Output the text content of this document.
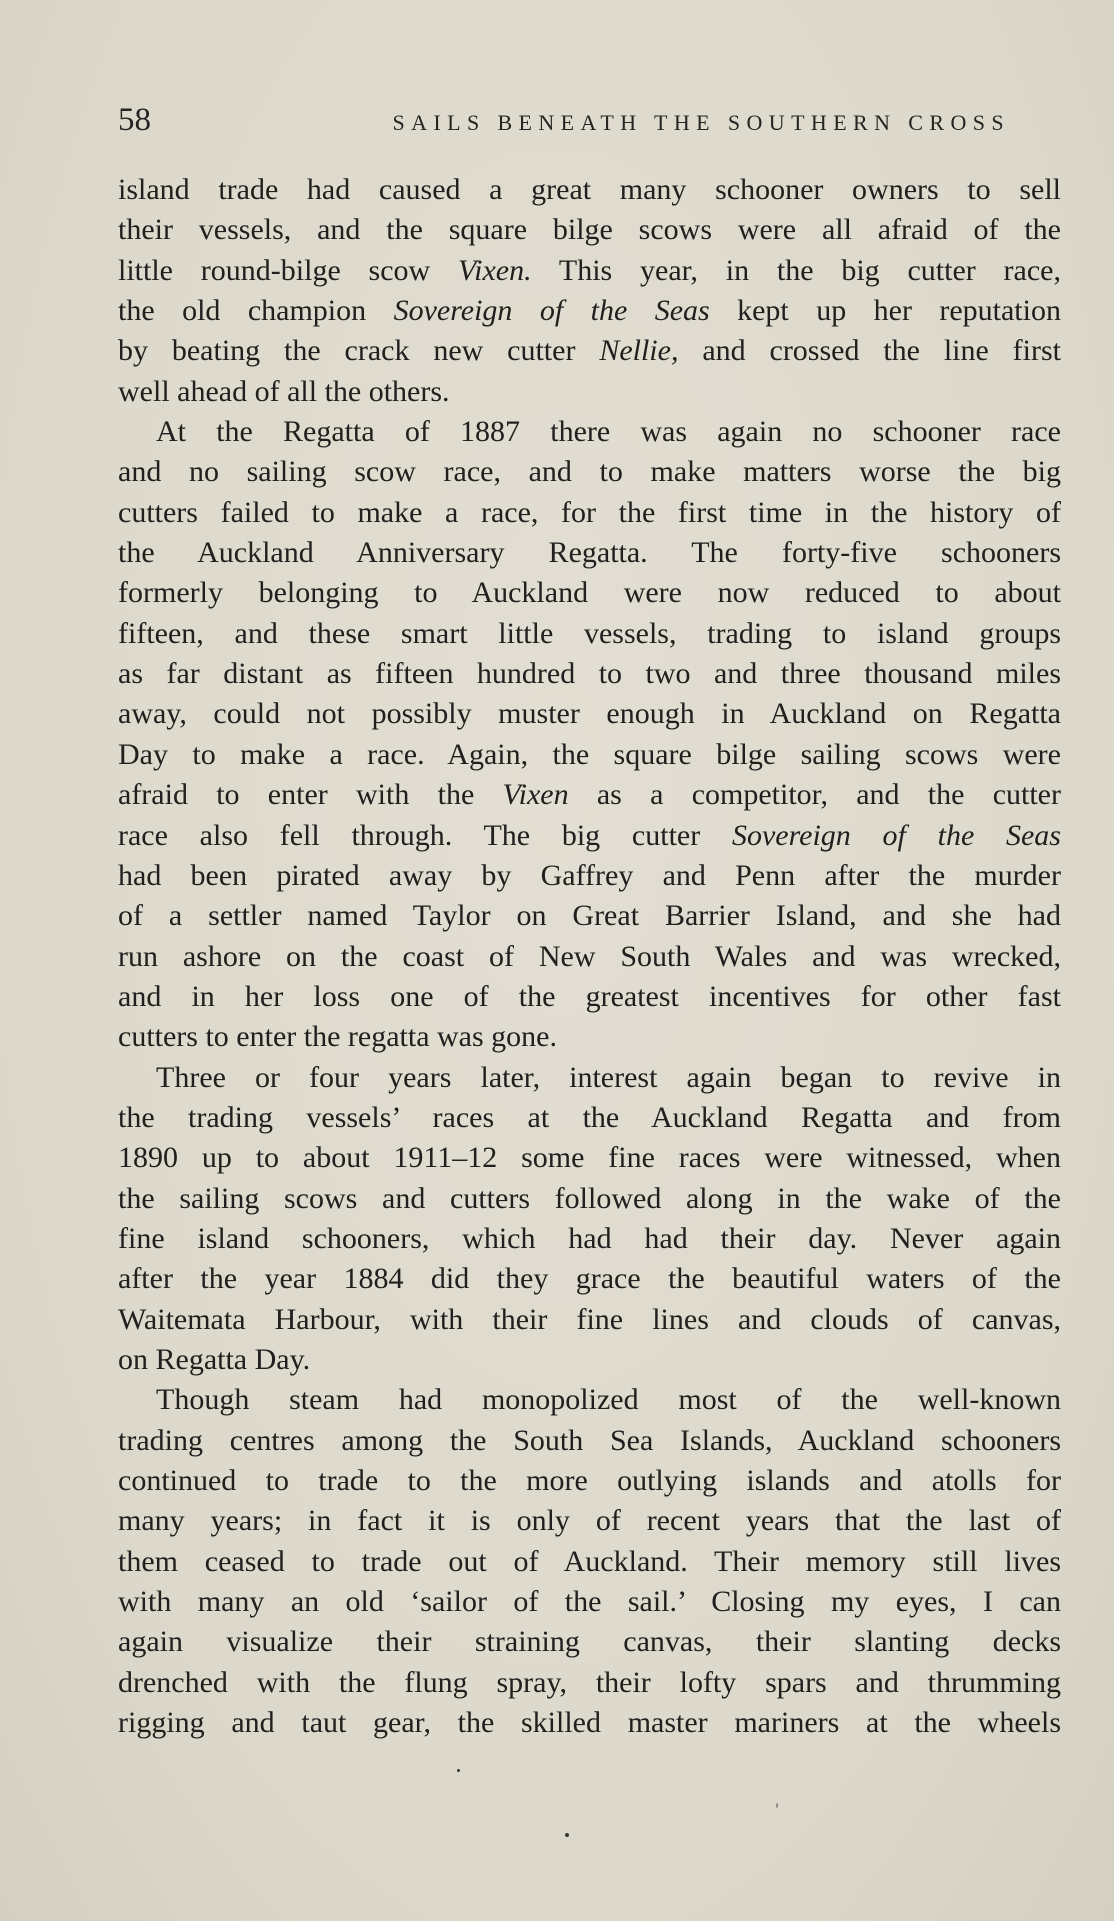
58	SAILS BENEATH THE SOUTHERN CROSS
island trade had caused a great many schooner owners to sell
their vessels, and the square bilge scows were all afraid of the
little round-bilge scow Vixen. This year, in the big cutter race,
the old champion Sovereign of the Seas kept up her reputation
by beating the crack new cutter Nellie, and crossed the line first
well ahead of all the others.
At the Regatta of 1887 there was again no schooner race
and no sailing scow race, and to make matters worse the big
cutters failed to make a race, for the first time in the history of
the Auckland Anniversary Regatta. The forty-five schooners
formerly belonging to Auckland were now reduced to about
fifteen, and these smart little vessels, trading to island groups
as far distant as fifteen hundred to two and three thousand miles
away, could not possibly muster enough in Auckland on Regatta
Day to make a race. Again, the square bilge sailing scows were
afraid to enter with the Vixen as a competitor, and the cutter
race also fell through. The big cutter Sovereign of the Seas
had been pirated away by Gaffrey and Penn after the murder
of a settler named Taylor on Great Barrier Island, and she had
run ashore on the coast of New South Wales and was wrecked,
and in her loss one of the greatest incentives for other fast
cutters to enter the regatta was gone.
Three or four years later, interest again began to revive in
the trading vessels’ races at the Auckland Regatta and from
1890 up to about 1911–12 some fine races were witnessed, when
the sailing scows and cutters followed along in the wake of the
fine island schooners, which had had their day. Never again
after the year 1884 did they grace the beautiful waters of the
Waitemata Harbour, with their fine lines and clouds of canvas,
on Regatta Day.
Though steam had monopolized most of the well-known
trading centres among the South Sea Islands, Auckland schooners
continued to trade to the more outlying islands and atolls for
many years; in fact it is only of recent years that the last of
them ceased to trade out of Auckland. Their memory still lives
with many an old ‘sailor of the sail.’ Closing my eyes, I can
again visualize their straining canvas, their slanting decks
drenched with the flung spray, their lofty spars and thrumming
rigging and taut gear, the skilled master mariners at the wheels
